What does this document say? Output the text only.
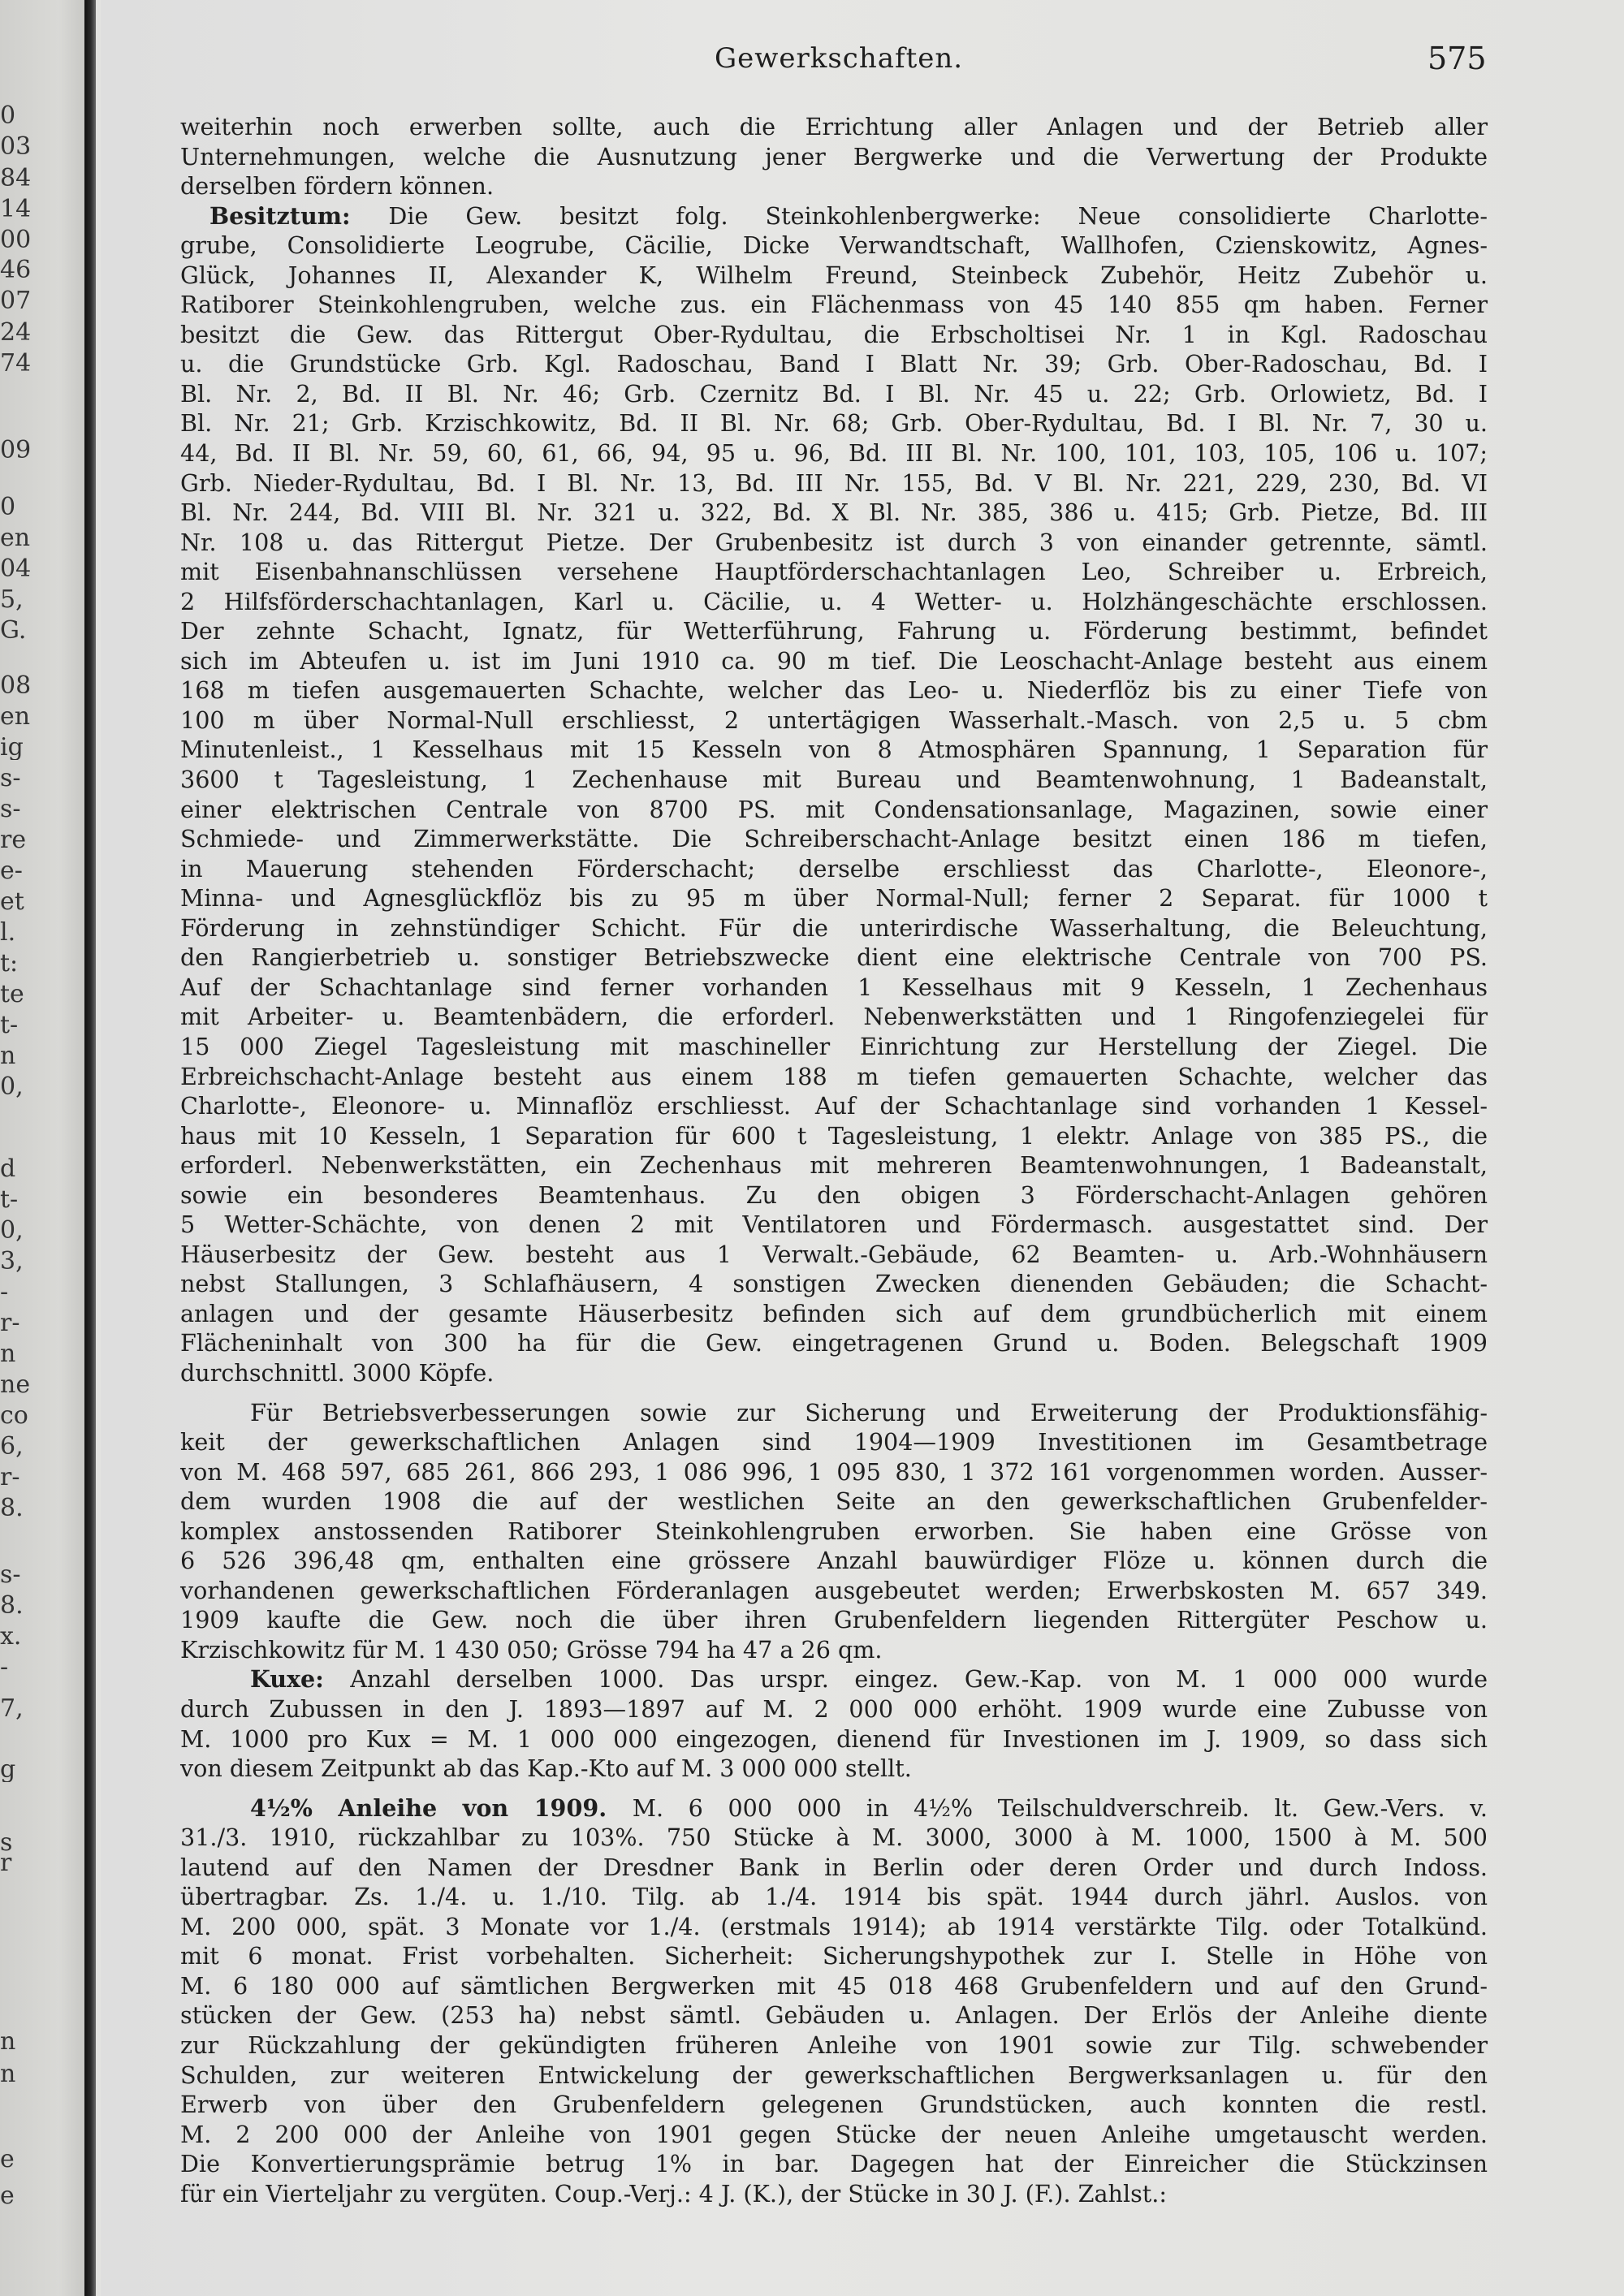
0
03
84
14
00
46
07
24
74
09
0
en
04
5,
G.
08
en
ig
s-
s-
re
e-
et
l.
t:
te
t-
n
0,
d
t-
0,
3,
-
r-
n
ne
co
6,
r-
8.
s-
8.
x.
-
7,
g
s
r
n
n
e
e
Gewerkschaften.	575

weiterhin noch erwerben sollte, auch die Errichtung aller Anlagen und der Betrieb aller

Unternehmungen, welche die Ausnutzung jener Bergwerke und die Verwertung der Produkte

derselben fördern können.

Besitztum: Die Gew. besitzt folg. Steinkohlenbergwerke: Neue consolidierte Charlotte-

grube, Consolidierte Leogrube, Cäcilie, Dicke Verwandtschaft, Wallhofen, Czienskowitz, Agnes-

Glück, Johannes II, Alexander K, Wilhelm Freund, Steinbeck Zubehör, Heitz Zubehör u.

Ratiborer Steinkohlengruben, welche zus. ein Flächenmass von 45 140 855 qm haben. Ferner

besitzt die Gew. das Rittergut Ober-Rydultau, die Erbscholtisei Nr. 1 in Kgl. Radoschau

u. die Grundstücke Grb. Kgl. Radoschau, Band I Blatt Nr. 39; Grb. Ober-Radoschau, Bd. I

Bl. Nr. 2, Bd. II Bl. Nr. 46; Grb. Czernitz Bd. I Bl. Nr. 45 u. 22; Grb. Orlowietz, Bd. I

Bl. Nr. 21; Grb. Krzischkowitz, Bd. II Bl. Nr. 68; Grb. Ober-Rydultau, Bd. I Bl. Nr. 7, 30 u.

44, Bd. II Bl. Nr. 59, 60, 61, 66, 94, 95 u. 96, Bd. III Bl. Nr. 100, 101, 103, 105, 106 u. 107;

Grb. Nieder-Rydultau, Bd. I Bl. Nr. 13, Bd. III Nr. 155, Bd. V Bl. Nr. 221, 229, 230, Bd. VI

Bl. Nr. 244, Bd. VIII Bl. Nr. 321 u. 322, Bd. X Bl. Nr. 385, 386 u. 415; Grb. Pietze, Bd. III

Nr. 108 u. das Rittergut Pietze. Der Grubenbesitz ist durch 3 von einander getrennte, sämtl.

mit Eisenbahnanschlüssen versehene Hauptförderschachtanlagen Leo, Schreiber u. Erbreich,

2 Hilfsförderschachtanlagen, Karl u. Cäcilie, u. 4 Wetter- u. Holzhängeschächte erschlossen.

Der zehnte Schacht, Ignatz, für Wetterführung, Fahrung u. Förderung bestimmt, befindet

sich im Abteufen u. ist im Juni 1910 ca. 90 m tief. Die Leoschacht-Anlage besteht aus einem

168 m tiefen ausgemauerten Schachte, welcher das Leo- u. Niederflöz bis zu einer Tiefe von

100 m über Normal-Null erschliesst, 2 untertägigen Wasserhalt.-Masch. von 2,5 u. 5 cbm

Minutenleist., 1 Kesselhaus mit 15 Kesseln von 8 Atmosphären Spannung, 1 Separation für

3600 t Tagesleistung, 1 Zechenhause mit Bureau und Beamtenwohnung, 1 Badeanstalt,

einer elektrischen Centrale von 8700 PS. mit Condensationsanlage, Magazinen, sowie einer

Schmiede- und Zimmerwerkstätte. Die Schreiberschacht-Anlage besitzt einen 186 m tiefen,

in Mauerung stehenden Förderschacht; derselbe erschliesst das Charlotte-, Eleonore-,

Minna- und Agnesglückflöz bis zu 95 m über Normal-Null; ferner 2 Separat. für 1000 t

Förderung in zehnstündiger Schicht. Für die unterirdische Wasserhaltung, die Beleuchtung,

den Rangierbetrieb u. sonstiger Betriebszwecke dient eine elektrische Centrale von 700 PS.

Auf der Schachtanlage sind ferner vorhanden 1 Kesselhaus mit 9 Kesseln, 1 Zechenhaus

mit Arbeiter- u. Beamtenbädern, die erforderl. Nebenwerkstätten und 1 Ringofenziegelei für

15 000 Ziegel Tagesleistung mit maschineller Einrichtung zur Herstellung der Ziegel. Die

Erbreichschacht-Anlage besteht aus einem 188 m tiefen gemauerten Schachte, welcher das

Charlotte-, Eleonore- u. Minnaflöz erschliesst. Auf der Schachtanlage sind vorhanden 1 Kessel-

haus mit 10 Kesseln, 1 Separation für 600 t Tagesleistung, 1 elektr. Anlage von 385 PS., die

erforderl. Nebenwerkstätten, ein Zechenhaus mit mehreren Beamtenwohnungen, 1 Badeanstalt,

sowie ein besonderes Beamtenhaus. Zu den obigen 3 Förderschacht-Anlagen gehören

5 Wetter-Schächte, von denen 2 mit Ventilatoren und Fördermasch. ausgestattet sind. Der

Häuserbesitz der Gew. besteht aus 1 Verwalt.-Gebäude, 62 Beamten- u. Arb.-Wohnhäusern

nebst Stallungen, 3 Schlafhäusern, 4 sonstigen Zwecken dienenden Gebäuden; die Schacht-

anlagen und der gesamte Häuserbesitz befinden sich auf dem grundbücherlich mit einem

Flächeninhalt von 300 ha für die Gew. eingetragenen Grund u. Boden. Belegschaft 1909

durchschnittl. 3000 Köpfe.

Für Betriebsverbesserungen sowie zur Sicherung und Erweiterung der Produktionsfähig-

keit der gewerkschaftlichen Anlagen sind 1904—1909 Investitionen im Gesamtbetrage

von M. 468 597, 685 261, 866 293, 1 086 996, 1 095 830, 1 372 161 vorgenommen worden. Ausser-

dem wurden 1908 die auf der westlichen Seite an den gewerkschaftlichen Grubenfelder-

komplex anstossenden Ratiborer Steinkohlengruben erworben. Sie haben eine Grösse von

6 526 396,48 qm, enthalten eine grössere Anzahl bauwürdiger Flöze u. können durch die

vorhandenen gewerkschaftlichen Förderanlagen ausgebeutet werden; Erwerbskosten M. 657 349.

1909 kaufte die Gew. noch die über ihren Grubenfeldern liegenden Rittergüter Peschow u.

Krzischkowitz für M. 1 430 050; Grösse 794 ha 47 a 26 qm.

Kuxe: Anzahl derselben 1000. Das urspr. eingez. Gew.-Kap. von M. 1 000 000 wurde

durch Zubussen in den J. 1893—1897 auf M. 2 000 000 erhöht. 1909 wurde eine Zubusse von

M. 1000 pro Kux = M. 1 000 000 eingezogen, dienend für Investionen im J. 1909, so dass sich

von diesem Zeitpunkt ab das Kap.-Kto auf M. 3 000 000 stellt.

4½% Anleihe von 1909. M. 6 000 000 in 4½% Teilschuldverschreib. lt. Gew.-Vers. v.

31./3. 1910, rückzahlbar zu 103%. 750 Stücke à M. 3000, 3000 à M. 1000, 1500 à M. 500

lautend auf den Namen der Dresdner Bank in Berlin oder deren Order und durch Indoss.

übertragbar. Zs. 1./4. u. 1./10. Tilg. ab 1./4. 1914 bis spät. 1944 durch jährl. Auslos. von

M. 200 000, spät. 3 Monate vor 1./4. (erstmals 1914); ab 1914 verstärkte Tilg. oder Totalkünd.

mit 6 monat. Frist vorbehalten. Sicherheit: Sicherungshypothek zur I. Stelle in Höhe von

M. 6 180 000 auf sämtlichen Bergwerken mit 45 018 468 Grubenfeldern und auf den Grund-

stücken der Gew. (253 ha) nebst sämtl. Gebäuden u. Anlagen. Der Erlös der Anleihe diente

zur Rückzahlung der gekündigten früheren Anleihe von 1901 sowie zur Tilg. schwebender

Schulden, zur weiteren Entwickelung der gewerkschaftlichen Bergwerksanlagen u. für den

Erwerb von über den Grubenfeldern gelegenen Grundstücken, auch konnten die restl.

M. 2 200 000 der Anleihe von 1901 gegen Stücke der neuen Anleihe umgetauscht werden.

Die Konvertierungsprämie betrug 1% in bar. Dagegen hat der Einreicher die Stückzinsen

für ein Vierteljahr zu vergüten. Coup.-Verj.: 4 J. (K.), der Stücke in 30 J. (F.). Zahlst.:
